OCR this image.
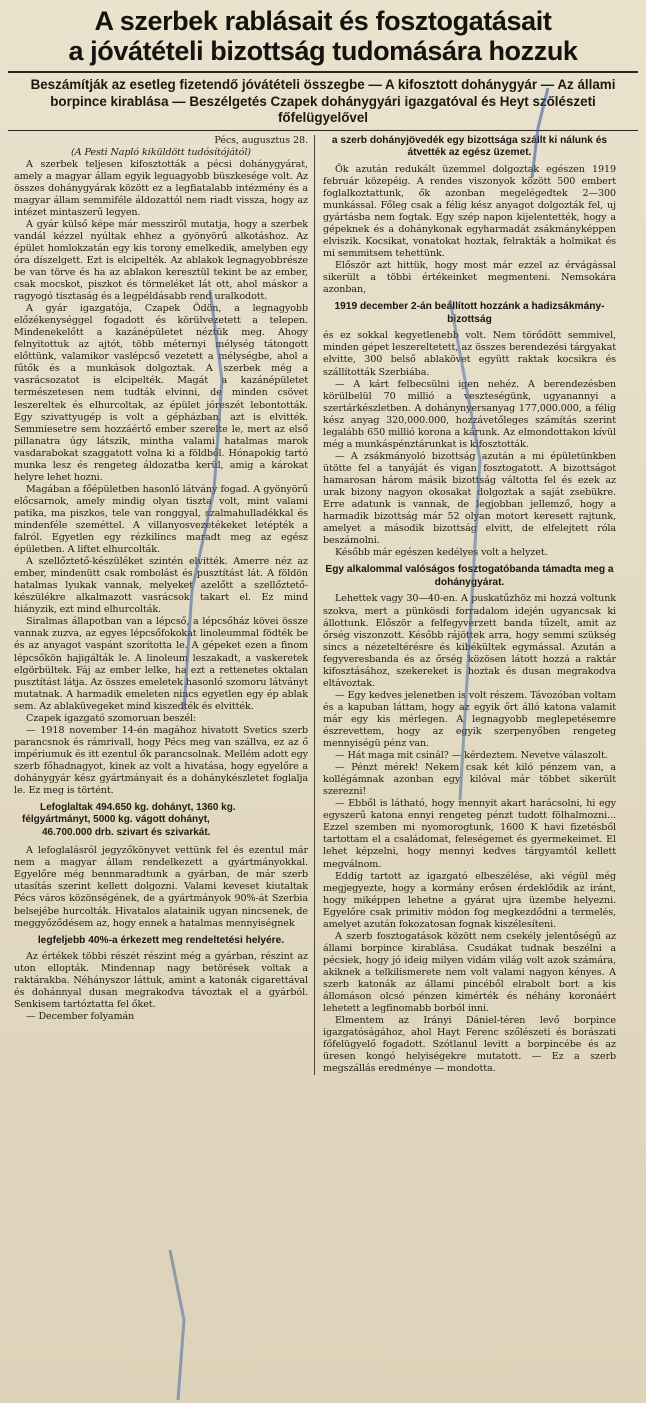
A szerbek rablásait és fosztogatásait
a jóvátételi bizottság tudomására hozzuk

Beszámítják az esetleg fizetendő jóvátételi összegbe — A kifosztott dohánygyár — Az állami borpince kirablása — Beszélgetés Czapek dohánygyári igazgatóval és Heyt szőlészeti főfelügyelővel

Pécs, augusztus 28.

(A Pesti Napló kiküldött tudósítójától)

A szerbek teljesen kifosztották a pécsi dohánygyárat, amely a magyar állam egyik leguagyobb büszkesége volt. Az összes dohánygyárak között ez a legfiatalabb intézmény és a magyar állam semmiféle áldozattól nem riadt vissza, hogy az intézet mintaszerű legyen.

A gyár külső képe már messziről mutatja, hogy a szerbek vandál kézzel nyúltak ehhez a gyönyörű alkotáshoz. Az épület homlokzatán egy kis torony emelkedik, amelyben egy óra díszelgett. Ezt is elcipelték. Az ablakok legnagyobbrésze be van törve és ha az ablakon keresztül tekint be az ember, csak mocskot, piszkot és törmeléket lát ott, ahol máskor a ragyogó tisztaság és a legpéldásabb rend uralkodott.

A gyár igazgatója, Czapek Ödön, a legnagyobb előzékenységgel fogadott és körülvezetett a telepen. Mindenekelőtt a kazánépületet néztük meg. Ahogy felnyitottuk az ajtót, több méternyi mélység tátongott előttünk, valamikor vaslépcső vezetett a mélységbe, ahol a fűtők és a munkások dolgoztak. A szerbek még a vasrácsozatot is elcipelték. Magát a kazánépületet természetesen nem tudták elvinni, de minden csövet leszereltek és elhurcoltak, az épület jóreszét lebontották. Egy szivattyugép is volt a gépházban, azt is elvitték. Semmiesetre sem hozzáértő ember szerelte le, mert az első pillanatra úgy látszik, mintha valami hatalmas marok vasdarabokat szaggatott volna ki a földből. Hónapokig tartó munka lesz és rengeteg áldozatba kerül, amig a károkat helyre lehet hozni.

Magában a főépületben hasonló látvány fogad. A gyönyörű előcsarnok, amely mindig olyan tiszta volt, mint valami patika, ma piszkos, tele van ronggyal, szalmahulladékkal és mindenféle szeméttel. A villanyosvezetékeket letépték a falról. Egyetlen egy rézkilincs maradt meg az egész épületben. A liftet elhurcolták.

A szellőztető-készüléket szintén elvitték. Amerre néz az ember, mindenütt csak rombolást és pusztítást lát. A földön hatalmas lyukak vannak, melyeket azelőtt a szellőztető-készülékre alkalmazott vasrácsok takart el. Ez mind hiányzik, ezt mind elhurcolták.

Siralmas állapotban van a lépcső, a lépcsőház kövei össze vannak zuzva, az egyes lépcsőfokokat linoleummal födték be és az anyagot vaspánt szorította le. A gépeket ezen a finom lépcsőkön hajigálták le. A linoleum leszakadt, a vaskeretek elgörbültek. Fáj az ember lelke, ha ezt a rettenetes oktalan pusztítást látja. Az összes emeletek hasonló szomoru látványt mutatnak. A harmadik emeleten nincs egyetlen egy ép ablak sem. Az ablaküvegeket mind kiszedték és elvitték.

Czapek igazgató szomoruan beszél:

— 1918 november 14-én magához hivatott Svetics szerb parancsnok és rámrivall, hogy Pécs meg van szállva, ez az ő impériumuk és itt ezentul ők parancsolnak. Mellém adott egy szerb főhadnagyot, kinek az volt a hivatása, hogy egyelőre a dohánygyár kész gyártmányait és a dohánykészletet foglalja le. Ez meg is történt.

Lefoglaltak 494.650 kg. dohányt, 1360 kg.
félgyártmányt, 5000 kg. vágott dohányt,
46.700.000 drb. szivart és szivarkát.

A lefoglalásról jegyzőkönyvet vettünk fel és ezentul már nem a magyar állam rendelkezett a gyártmányokkal. Egyelőre még bennmaradtunk a gyárban, de már szerb utasítás szerint kellett dolgozni. Valami keveset kiutaltak Pécs város közönségének, de a gyártmányok 90%-át Szerbia belsejébe hurcolták. Hivatalos alatainik ugyan nincsenek, de meggyőződésem az, hogy ennek a hatalmas mennyiségnek

legfeljebb 40%-a érkezett meg rendeltetési helyére.

Az értékek többi részét részint még a gyárban, részint az uton ellopták. Mindennap nagy betörések voltak a raktárakba. Néhányszor láttuk, amint a katonák cigarettával és dohánnyal dusan megrakodva távoztak el a gyárból. Senkisem tartóztatta fel őket.

— December folyamán

a szerb dohányjövedék egy bizottsága szállt ki nálunk és átvették az egész üzemet.

Ők azután redukált üzemmel dolgoztak egészen 1919 február közepéig. A rendes viszonyok között 500 embert foglalkoztattunk, ők azonban megelégedtek 2—300 munkással. Főleg csak a félig kész anyagot dolgozták fel, uj gyártásba nem fogtak. Egy szép napon kijelentették, hogy a gépeknek és a dohánykonak egyharmadát zsákmányképpen elviszik. Kocsikat, vonatokat hoztak, felrakták a holmikat és mi semmitsem tehettünk.

Először azt hittük, hogy most már ezzel az érvágással sikerült a többi értékeinket megmenteni. Nemsokára azonban,

1919 december 2-án beállított hozzánk a hadizsákmány-bizottság

és ez sokkal kegyetlenebb volt. Nem törődött semmivel, minden gépet leszereltetett, az összes berendezési tárgyakat elvitte, 300 belső ablakövet együtt raktak kocsikra és szállították Szerbiába.

— A kárt felbecsülni igen nehéz. A berendezésben körülbelül 70 millió a veszteségünk, ugyanannyi a szertárkészletben. A dohánynyersanyag 177,000.000, a félig kész anyag 320,000.000, hozzávetőleges számítás szerint legalább 650 millió korona a kárunk. Az elmondottakon kívül még a munkáspénztárunkat is kifosztották.

— A zsákmányoló bizottság azután a mi épületünkben ütötte fel a tanyáját és vigan fosztogatott. A bizottságot hamarosan három másik bizottság váltotta fel és ezek az urak bizony nagyon okosakat dolgoztak a saját zsebükre. Erre adatunk is vannak, de legjobban jellemző, hogy a harmadik bizottság már 52 olyan motort keresett rajtunk, amelyet a második bizottság elvitt, de elfelejtett róla beszámolni.

Később már egészen kedélyes volt a helyzet.

Egy alkalommal valóságos fosztogatóbanda támadta meg a dohánygyárat.

Lehettek vagy 30—40-en. A puskatűzhöz mi hozzá voltunk szokva, mert a pünkösdi forradalom idején ugyancsak ki állottunk. Először a felfegyverzett banda tűzelt, amit az őrség viszonzott. Később rájöttek arra, hogy semmi szükség sincs a nézeteltérésre és kibékültek egymással. Azután a fegyveresbanda és az őrség közösen látott hozzá a raktár kifosztásához, szekereket is hoztak és dusan megrakodva eltávoztak.

— Egy kedves jelenetben is volt részem. Távozóban voltam és a kapuban láttam, hogy az egyik őrt álló katona valamit már egy kis mérlegen. A legnagyobb meglepetésemre észrevettem, hogy az egyik szerpenyőben rengeteg mennyiségü pénz van.

— Hát maga mit csinál? — kérdeztem. Nevetve válaszolt.

— Pénzt mérek! Nekem csak két kiló pénzem van, a kollégámnak azonban egy kilóval már többet sikerült szerezni!

— Ebből is látható, hogy mennyit akart harácsolni, hi egy egyszerű katona ennyi rengeteg pénzt tudott fölhalmozni... Ezzel szemben mi nyomorogtunk, 1600 K havi fizetésből tartottam el a családomat, feleségemet és gyermekeimet. El lehet képzelni, hogy mennyi kedves tárgyamtól kellett megválnom.

Eddig tartott az igazgató elbeszélése, aki végül még megjegyezte, hogy a kormány erősen érdeklődik az iránt, hogy miképpen lehetne a gyárat ujra üzembe helyezni. Egyelőre csak primitiv módon fog megkezdődni a termelés, amelyet azután fokozatosan fognak kiszélesíteni.

A szerb fosztogatások között nem csekély jelentőségű az állami borpince kirablása. Csudákat tudnak beszélni a pécsiek, hogy jó ideig milyen vidám világ volt azok számára, akiknek a telkilismerete nem volt valami nagyon kényes. A szerb katonák az állami pincéből elrabolt bort a kis állomáson olcsó pénzen kimérték és néhány koronáért lehetett a legfinomabb borból inni.

Elmentem az Irányi Dániel-téren levő borpince igazgatóságához, ahol Hayt Ferenc szőlészeti és borászati főfelügyelő fogadott. Szótlanul levitt a borpincébe és az üresen kongó helyiségekre mutatott. — Ez a szerb megszállás eredménye — mondotta.
